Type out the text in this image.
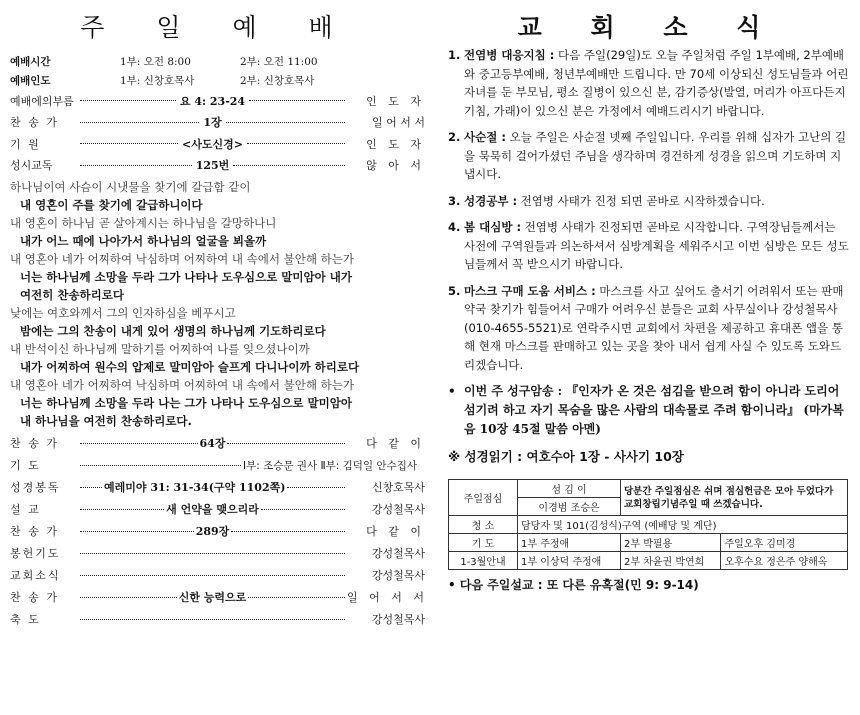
주 일 예 배
예배시간	1부: 오전 8:00	2부: 오전 11:00
예배인도	1부: 신창호목사	2부: 신창호목사
예배에의부름	요 4: 23-24	인 도 자
찬 송 가	1장	일 어 서 서
기 원	<사도신경>	인 도 자
성시교독	125번	않 아 서
하나님이여 사슴이 시냇물을 찾기에 갈급함 같이
내 영혼이 주를 찾기에 갈급하니이다
내 영혼이 하나님 곧 살아계시는 하나님을 갈망하나니
내가 어느 때에 나아가서 하나님의 얼굴을 뵈올까
내 영혼아 네가 어찌하여 낙심하며 어찌하여 내 속에서 불안해 하는가
너는 하나님께 소망을 두라 그가 나타나 도우심으로 말미암아 내가
여전히 찬송하리로다
낮에는 여호와께서 그의 인자하심을 베푸시고
밤에는 그의 찬송이 내게 있어 생명의 하나님께 기도하리로다
내 반석이신 하나님께 말하기를 어찌하여 나를 잊으셨나이까
내가 어찌하여 원수의 압제로 말미암아 슬프게 다니나이까 하리로다
내 영혼아 네가 어찌하여 낙심하며 어찌하여 내 속에서 불안해 하는가
너는 하나님께 소망을 두라 나는 그가 나타나 도우심으로 말미암아
내 하나님을 여전히 찬송하리로다.
찬 송 가	64장	다 같 이
기 도	Ⅰ부: 조승문 권사 Ⅱ부: 김덕일 안수집사
성경봉독	예레미야 31: 31-34(구약 1102쪽)	신창호목사
설 교	새 언약을 맺으리라	강성철목사
찬 송 가	289장	다 같 이
봉헌기도	강성철목사
교회소식	강성철목사
찬 송 가	신한 능력으로	일 어 서 서
축 도	강성철목사
교 회 소 식
1. 전염병 대응지침 : 다음 주일(29일)도 오늘 주일처럼 주일 1부예배, 2부예배와 중고등부예배, 청년부예배만 드립니다. 만 70세 이상되신 성도님들과 어린자녀를 둔 부모님, 평소 질병이 있으신 분, 감기증상(발열, 머리가 아프다든지 기침, 가래)이 있으신 분은 가정에서 예배드리시기 바랍니다.
2. 사순절 : 오늘 주일은 사순절 넷째 주일입니다. 우리를 위해 십자가 고난의 길을 묵묵히 걸어가셨던 주님을 생각하며 경건하게 성경을 읽으며 기도하며 지냅시다.
3. 성경공부 : 전염병 사태가 진정 되면 곧바로 시작하겠습니다.
4. 봄 대심방 : 전염병 사태가 진정되면 곧바로 시작합니다. 구역장님들께서는 사전에 구역원들과 의논하셔서 심방계획을 세워주시고 이번 심방은 모든 성도님들께서 꼭 받으시기 바랍니다.
5. 마스크 구매 도움 서비스 : 마스크를 사고 싶어도 출서기 어려워서 또는 판매 약국 찾기가 힘들어서 구매가 어려우신 분들은 교회 사무실이나 강성철목사(010-4655-5521)로 연락주시면 교회에서 차편을 제공하고 휴대폰 앱을 통해 현재 마스크를 판매하고 있는 곳을 찾아 내서 쉽게 사실 수 있도록 도와드리겠습니다.
• 이번 주 성구암송 : 『인자가 온 것은 섬김을 받으려 함이 아니라 도리어 섬기려 하고 자기 목숨을 많은 사람의 대속물로 주려 함이니라』 (마가복음 10장 45절 말씀 아멘)
※ 성경읽기 : 여호수아 1장 - 사사기 10장
주일점심	섬 김 이	당분간 주일점심은 쉬며 점심헌금은 모아 두었다가 교회창립기념주일 때 쓰겠습니다.	
	이경범 조승은		
청 소	담당자 및 101(김성식)구역 (예배당 및 계단)		
기 도	1부 주정애	2부 박필용	주일오후 김미경
1-3월안내	1부 이상덕 주정애	2부 차윤권 박연희	오후수요 정은주 양해옥
• 다음 주일설교 : 또 다른 유혹절(민 9: 9-14)
